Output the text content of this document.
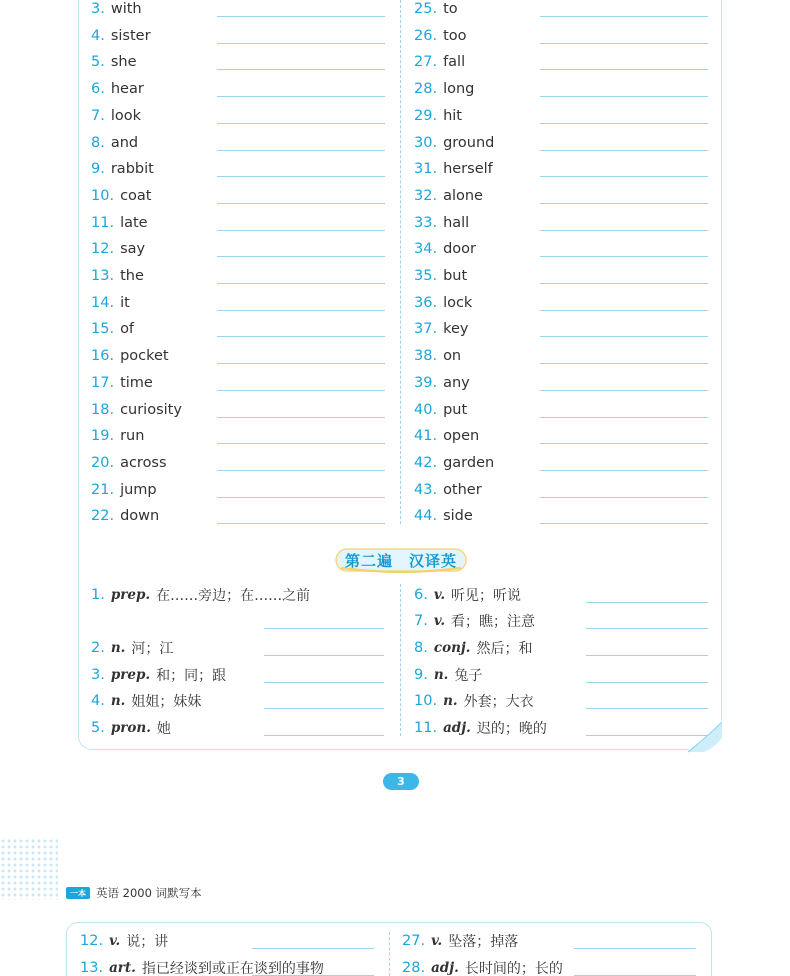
3. with
4. sister
5. she
6. hear
7. look
8. and
9. rabbit
10. coat
11. late
12. say
13. the
14. it
15. of
16. pocket
17. time
18. curiosity
19. run
20. across
21. jump
22. down
25. to
26. too
27. fall
28. long
29. hit
30. ground
31. herself
32. alone
33. hall
34. door
35. but
36. lock
37. key
38. on
39. any
40. put
41. open
42. garden
43. other
44. side
第二遍　汉译英
1. prep. 在……旁边；在……之前
2. n. 河；江
3. prep. 和；同；跟
4. n. 姐姐；妹妹
5. pron. 她
6. v. 听见；听说
7. v. 看；瞧；注意
8. conj. 然后；和
9. n. 兔子
10. n. 外套；大衣
11. adj. 迟的；晚的
3
一本 英语 2000 词默写本
12. v. 说；讲
13. art. 指已经谈到或正在谈到的事物
27. v. 坠落；掉落
28. adj. 长时间的；长的
